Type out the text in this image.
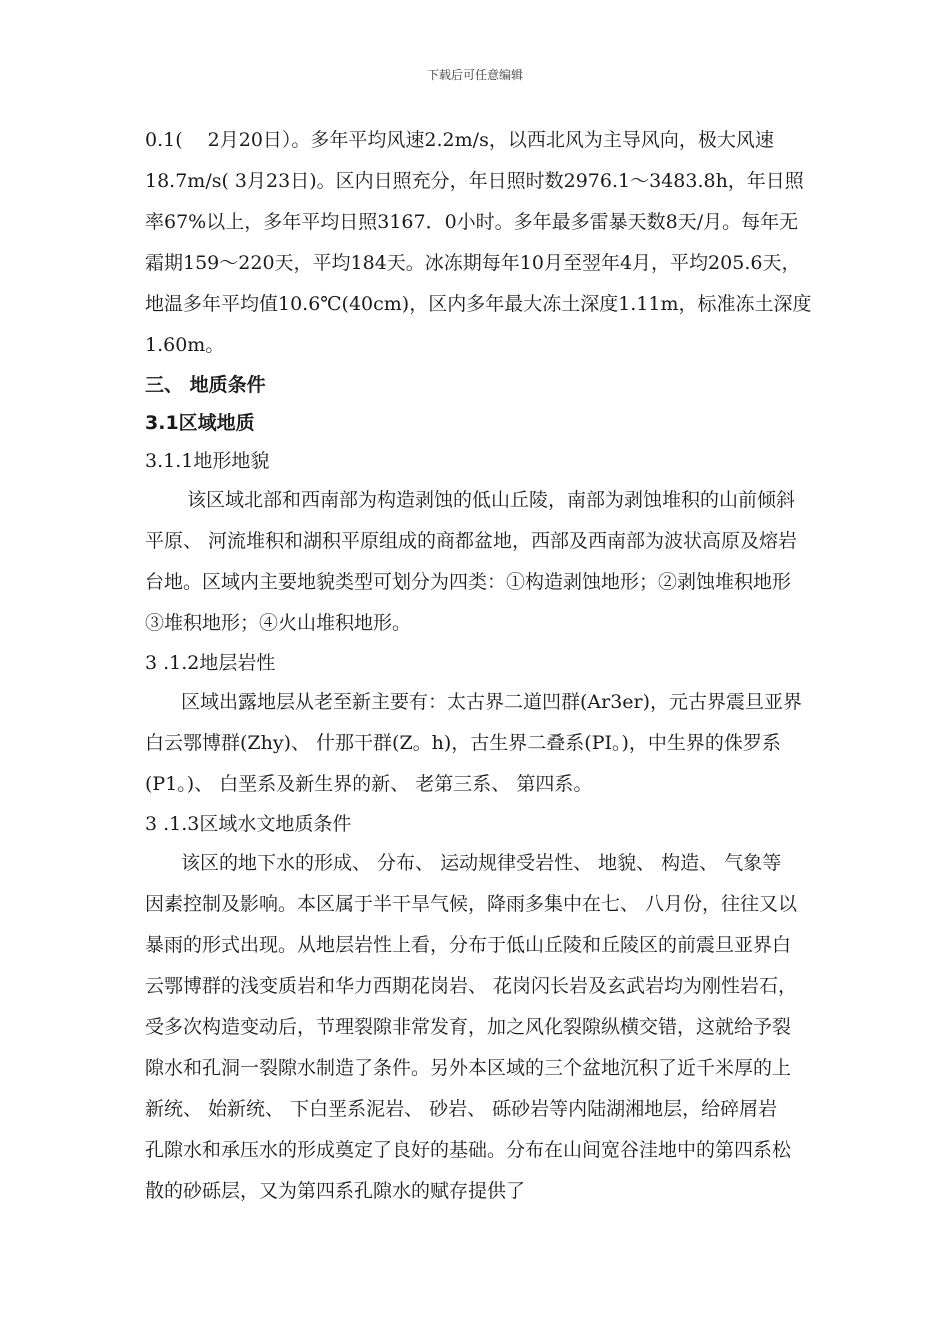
下载后可任意编辑
0.1(　 2月20日）。多年平均风速2.2m/s，以西北风为主导风向，极大风速
18.7m/s( 3月23日)。区内日照充分，年日照时数2976.1～3483.8h，年日照
率67%以上，多年平均日照3167．0小时。多年最多雷暴天数8天/月。每年无
霜期159～220天，平均184天。冰冻期每年10月至翌年4月，平均205.6天，
地温多年平均值10.6℃(40cm)，区内多年最大冻土深度1.11m，标准冻土深度
1.60m。
三、 地质条件
3.1区域地质
3.1.1地形地貌
该区域北部和西南部为构造剥蚀的低山丘陵，南部为剥蚀堆积的山前倾斜
平原、 河流堆积和湖积平原组成的商都盆地，西部及西南部为波状高原及熔岩
台地。区域内主要地貌类型可划分为四类：①构造剥蚀地形；②剥蚀堆积地形
③堆积地形；④火山堆积地形。
3 .1.2地层岩性
区域出露地层从老至新主要有：太古界二道凹群(Ar3er)，元古界震旦亚界
白云鄂博群(Zhy)、 什那干群(Z。h)，古生界二叠系(PI。)，中生界的侏罗系
(P1。)、 白垩系及新生界的新、 老第三系、 第四系。
3 .1.3区域水文地质条件
该区的地下水的形成、 分布、 运动规律受岩性、 地貌、 构造、 气象等
因素控制及影响。本区属于半干旱气候，降雨多集中在七、 八月份，往往又以
暴雨的形式出现。从地层岩性上看，分布于低山丘陵和丘陵区的前震旦亚界白
云鄂博群的浅变质岩和华力西期花岗岩、 花岗闪长岩及玄武岩均为刚性岩石，
受多次构造变动后，节理裂隙非常发育，加之风化裂隙纵横交错，这就给予裂
隙水和孔洞一裂隙水制造了条件。另外本区域的三个盆地沉积了近千米厚的上
新统、 始新统、 下白垩系泥岩、 砂岩、 砾砂岩等内陆湖湘地层，给碎屑岩
孔隙水和承压水的形成奠定了良好的基础。分布在山间宽谷洼地中的第四系松
散的砂砾层，又为第四系孔隙水的赋存提供了
